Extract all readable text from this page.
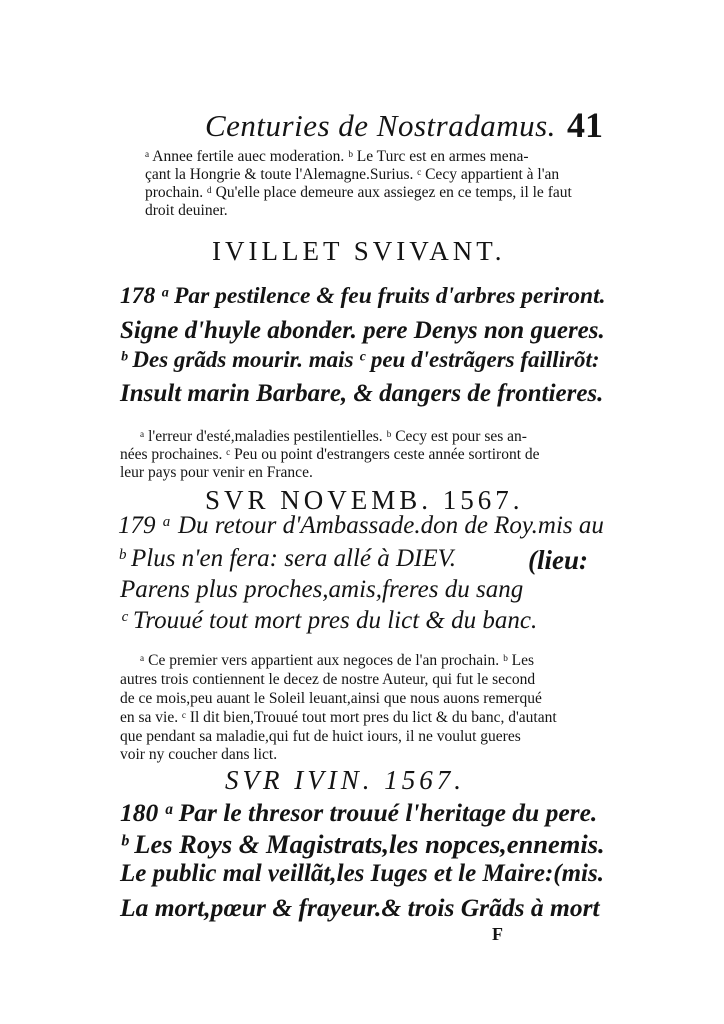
Centuries de Nostradamus. 41
ᵃ Annee fertile auec moderation. ᵇ Le Turc est en armes mena-
çant la Hongrie & toute l'Alemagne.Surius. ᶜ Cecy appartient à l'an
prochain. ᵈ Qu'elle place demeure aux assiegez en ce temps, il le faut
droit deuiner.
IVILLET SVIVANT.
178 ᵃ Par pestilence & feu fruits d'arbres periront.
Signe d'huyle abonder. pere Denys non gueres.
ᵇ Des grãds mourir. mais ᶜ peu d'estrãgers faillirõt:
Insult marin Barbare, & dangers de frontieres.
ᵃ l'erreur d'esté,maladies pestilentielles. ᵇ Cecy est pour ses an-
nées prochaines. ᶜ Peu ou point d'estrangers ceste année sortiront de
leur pays pour venir en France.
SVR NOVEMB. 1567.
179 ᵃ Du retour d'Ambassade.don de Roy.mis au
ᵇ Plus n'en fera: sera allé à DIEV.	(lieu:
Parens plus proches,amis,freres du sang
ᶜ Trouué tout mort pres du lict & du banc.
ᵃ Ce premier vers appartient aux negoces de l'an prochain. ᵇ Les
autres trois contiennent le decez de nostre Auteur, qui fut le second
de ce mois,peu auant le Soleil leuant,ainsi que nous auons remerqué
en sa vie. ᶜ Il dit bien,Trouué tout mort pres du lict & du banc, d'autant
que pendant sa maladie,qui fut de huict iours, il ne voulut gueres
voir ny coucher dans lict.
SVR IVIN. 1567.
180 ᵃ Par le thresor trouué l'heritage du pere.
ᵇ Les Roys & Magistrats,les nopces,ennemis.
Le public mal veillãt,les Iuges et le Maire:(mis.
La mort,pœur & frayeur.& trois Grãds à mort
F
